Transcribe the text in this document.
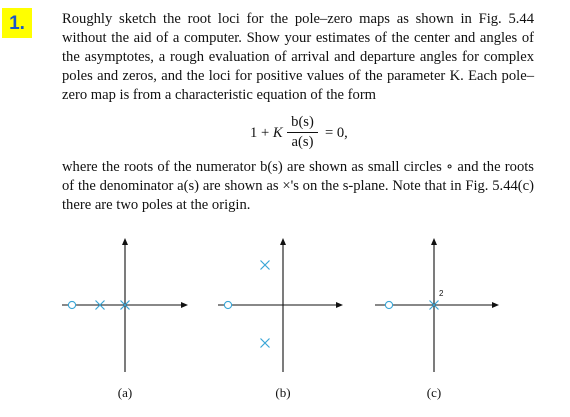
1.	Roughly sketch the root loci for the pole–zero maps as shown in Fig. 5.44 without the aid of a computer. Show your estimates of the center and angles of the asymptotes, a rough evaluation of arrival and departure angles for complex poles and zeros, and the loci for positive values of the parameter K. Each pole–zero map is from a characteristic equation of the form

1 + K
b(s)
a(s)
= 0,

where the roots of the numerator b(s) are shown as small circles ∘ and the roots of the denominator a(s) are shown as ×'s on the s-plane. Note that in Fig. 5.44(c) there are two poles at the origin.

2
(a)	(b)	(c)
